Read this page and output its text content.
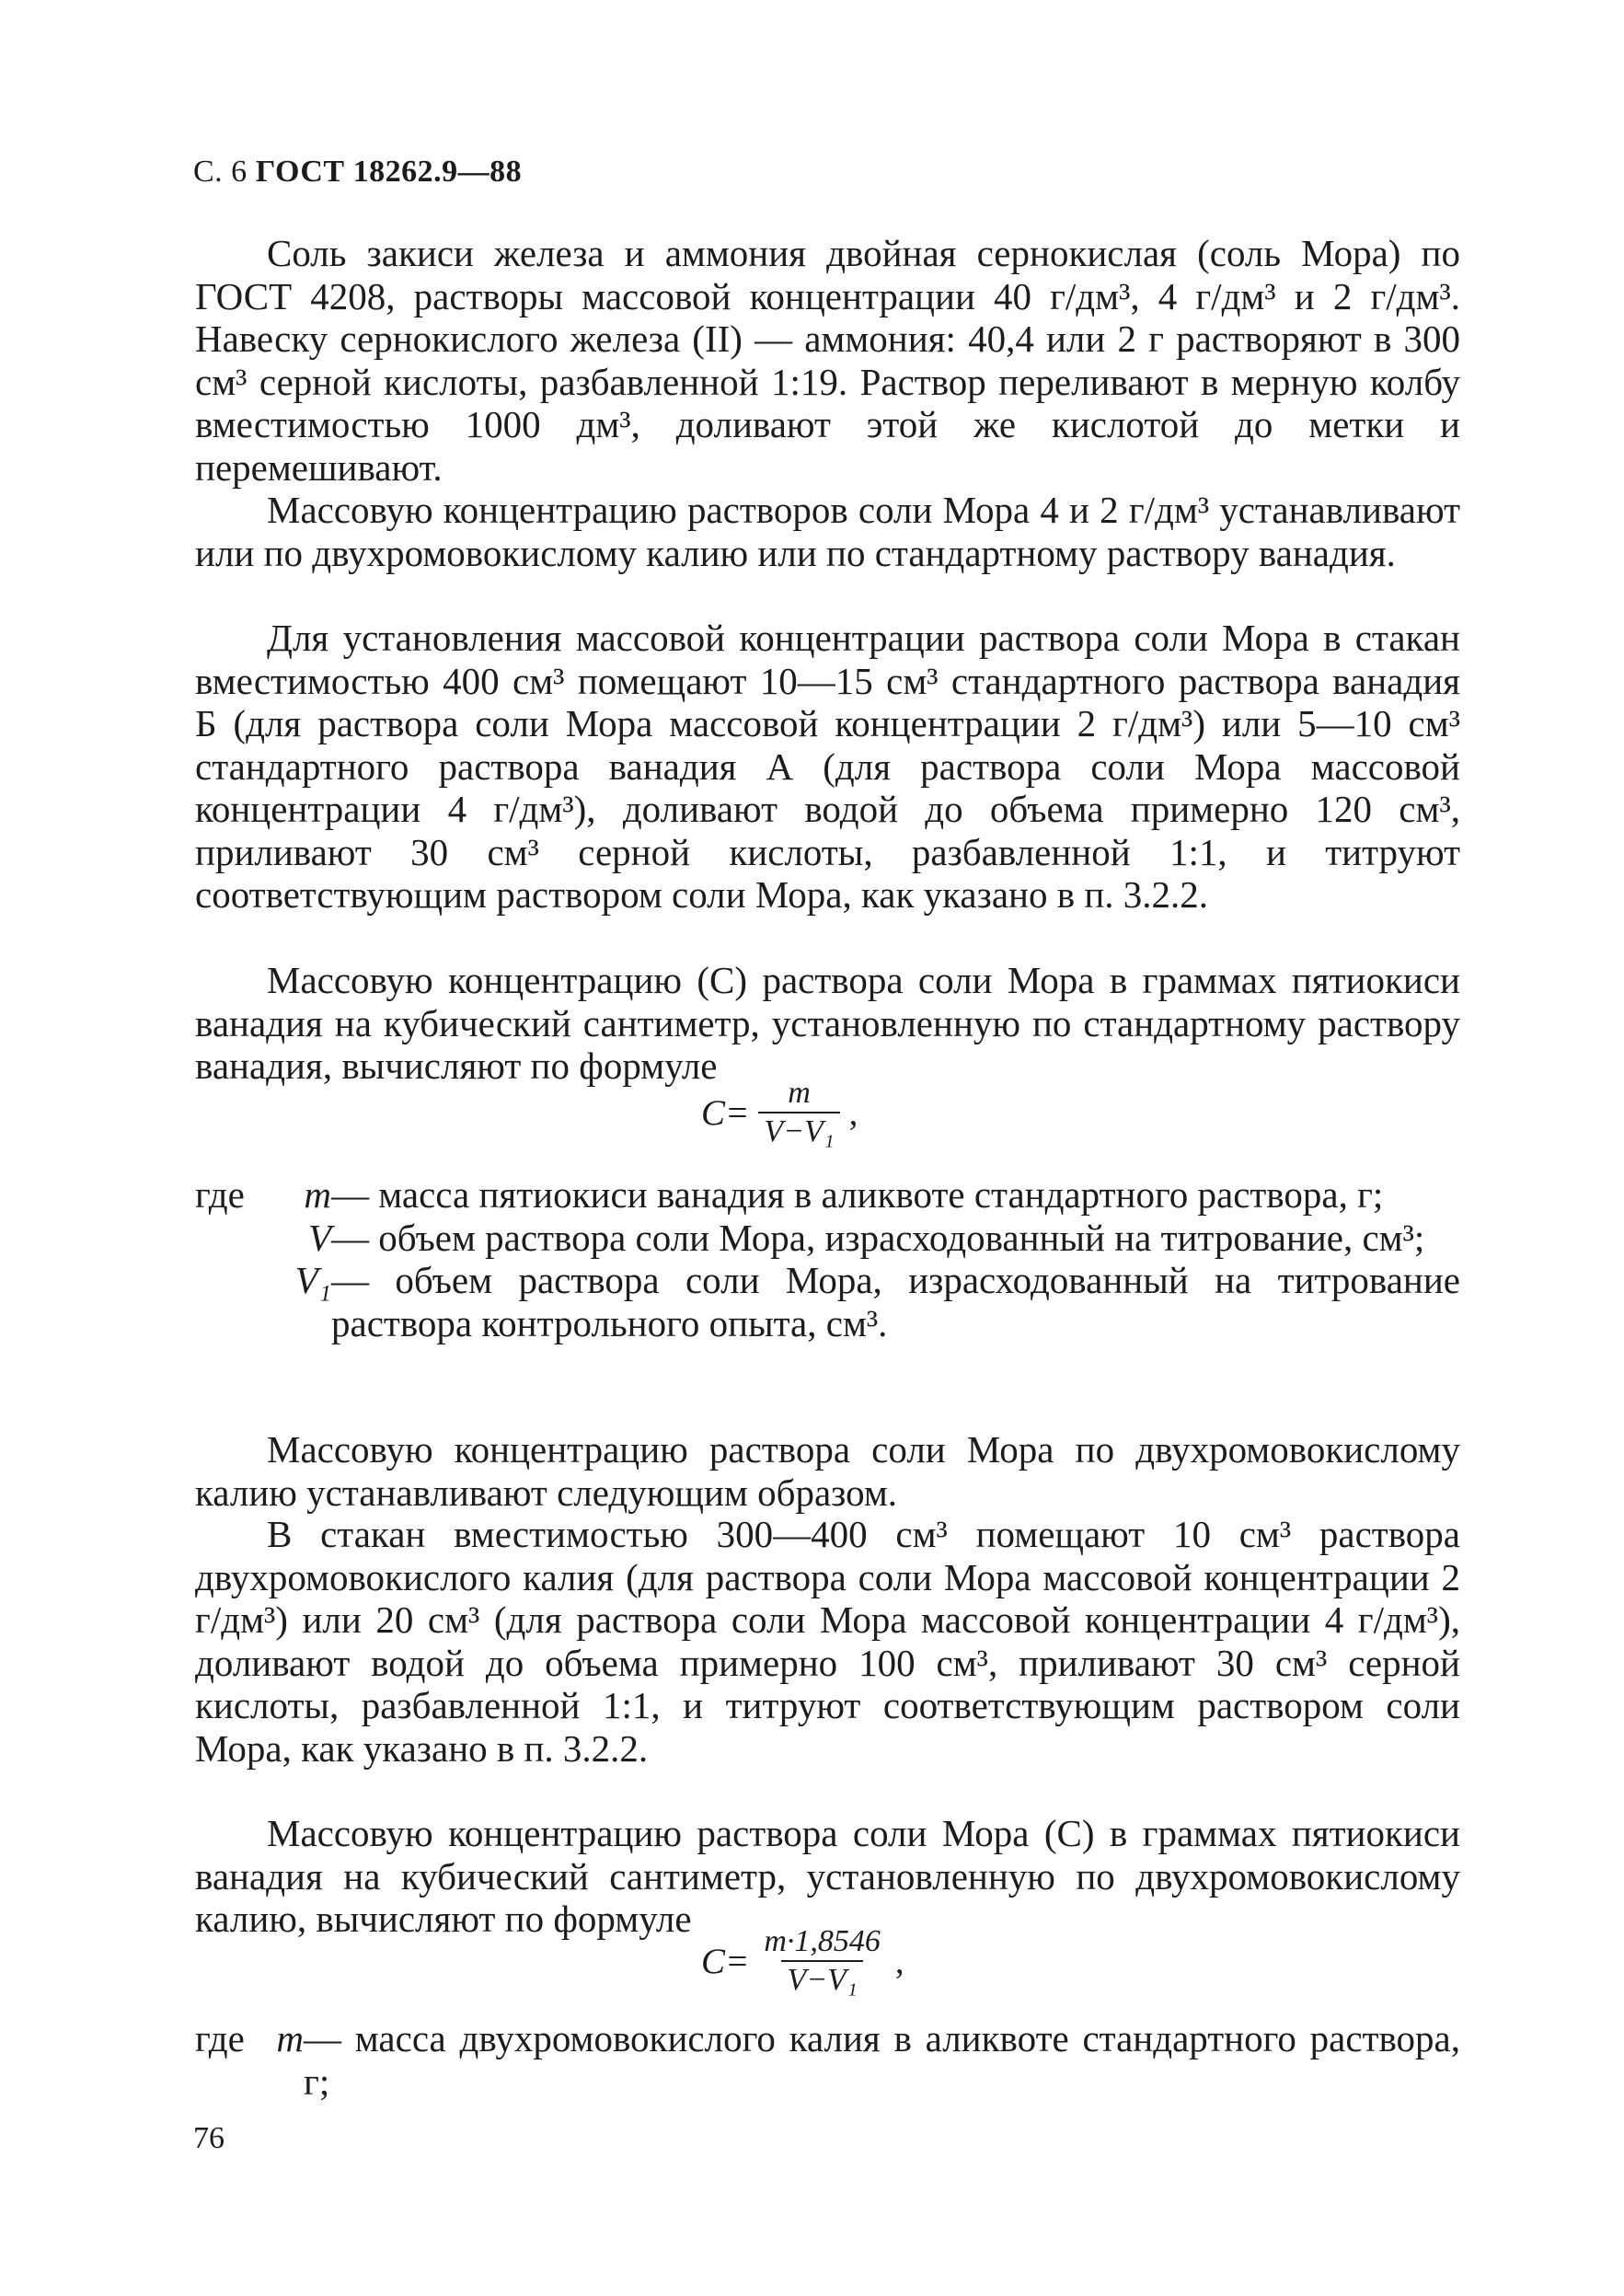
С. 6 ГОСТ 18262.9—88

Соль закиси железа и аммония двойная сернокислая (соль Мора) по ГОСТ 4208, растворы массовой концентрации 40 г/дм³, 4 г/дм³ и 2 г/дм³. Навеску сернокислого железа (II) — аммония: 40,4 или 2 г растворяют в 300 см³ серной кислоты, разбавленной 1:19. Раствор переливают в мерную колбу вместимостью 1000 дм³, доливают этой же кислотой до метки и перемешивают.

Массовую концентрацию растворов соли Мора 4 и 2 г/дм³ устанавливают или по двухромовокислому калию или по стандартному раствору ванадия.

Для установления массовой концентрации раствора соли Мора в стакан вместимостью 400 см³ помещают 10—15 см³ стандартного раствора ванадия Б (для раствора соли Мора массовой концентрации 2 г/дм³) или 5—10 см³ стандартного раствора ванадия А (для раствора соли Мора массовой концентрации 4 г/дм³), доливают водой до объема примерно 120 см³, приливают 30 см³ серной кислоты, разбавленной 1:1, и титруют соответствующим раствором соли Мора, как указано в п. 3.2.2.

Массовую концентрацию (С) раствора соли Мора в граммах пятиокиси ванадия на кубический сантиметр, установленную по стандартному раствору ванадия, вычисляют по формуле

$C= \frac{m}{\text{V−V₁}}$ ,
где	m — масса пятиокиси ванадия в аликвоте стандартного раствора, г;
V — объем раствора соли Мора, израсходованный на титрование, см³;
V₁ — объем раствора соли Мора, израсходованный на титрование раствора контрольного опыта, см³.

Массовую концентрацию раствора соли Мора по двухромовокислому калию устанавливают следующим образом.

В стакан вместимостью 300—400 см³ помещают 10 см³ раствора двухромовокислого калия (для раствора соли Мора массовой концентрации 2 г/дм³) или 20 см³ (для раствора соли Мора массовой концентрации 4 г/дм³), доливают водой до объема примерно 100 см³, приливают 30 см³ серной кислоты, разбавленной 1:1, и титруют соответствующим раствором соли Мора, как указано в п. 3.2.2.

Массовую концентрацию раствора соли Мора (С) в граммах пятиокиси ванадия на кубический сантиметр, установленную по двухромовокислому калию, вычисляют по формуле

$C= \frac{m\cdot 1,8546}{\text{V−V₁}}$ ,
где m — масса двухромовокислого калия в аликвоте стандартного раствора, г;
76
